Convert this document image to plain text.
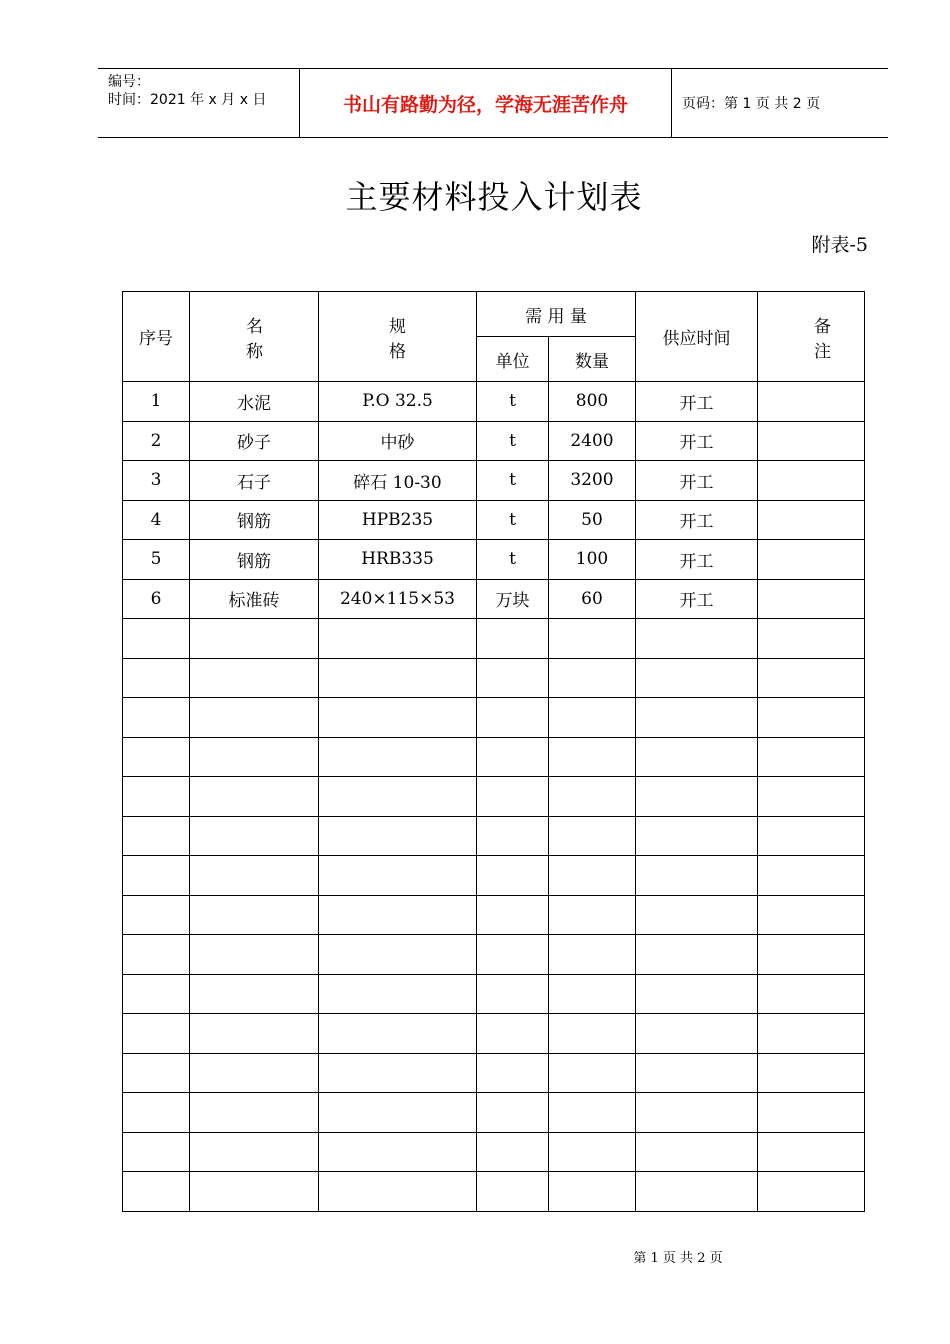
编号：
时间：2021 年 x 月 x 日	书山有路勤为径，学海无涯苦作舟	页码：第 1 页 共 2 页
主要材料投入计划表
附表-5
序号	名称	规格	需 用 量		供应时间	备注
			单位	数量		
1	水泥	P.O 32.5	t	800	开工	
2	砂子	中砂	t	2400	开工	
3	石子	碎石 10-30	t	3200	开工	
4	钢筋	HPB235	t	50	开工	
5	钢筋	HRB335	t	100	开工	
6	标准砖	240×115×53	万块	60	开工	

第 1 页 共 2 页
